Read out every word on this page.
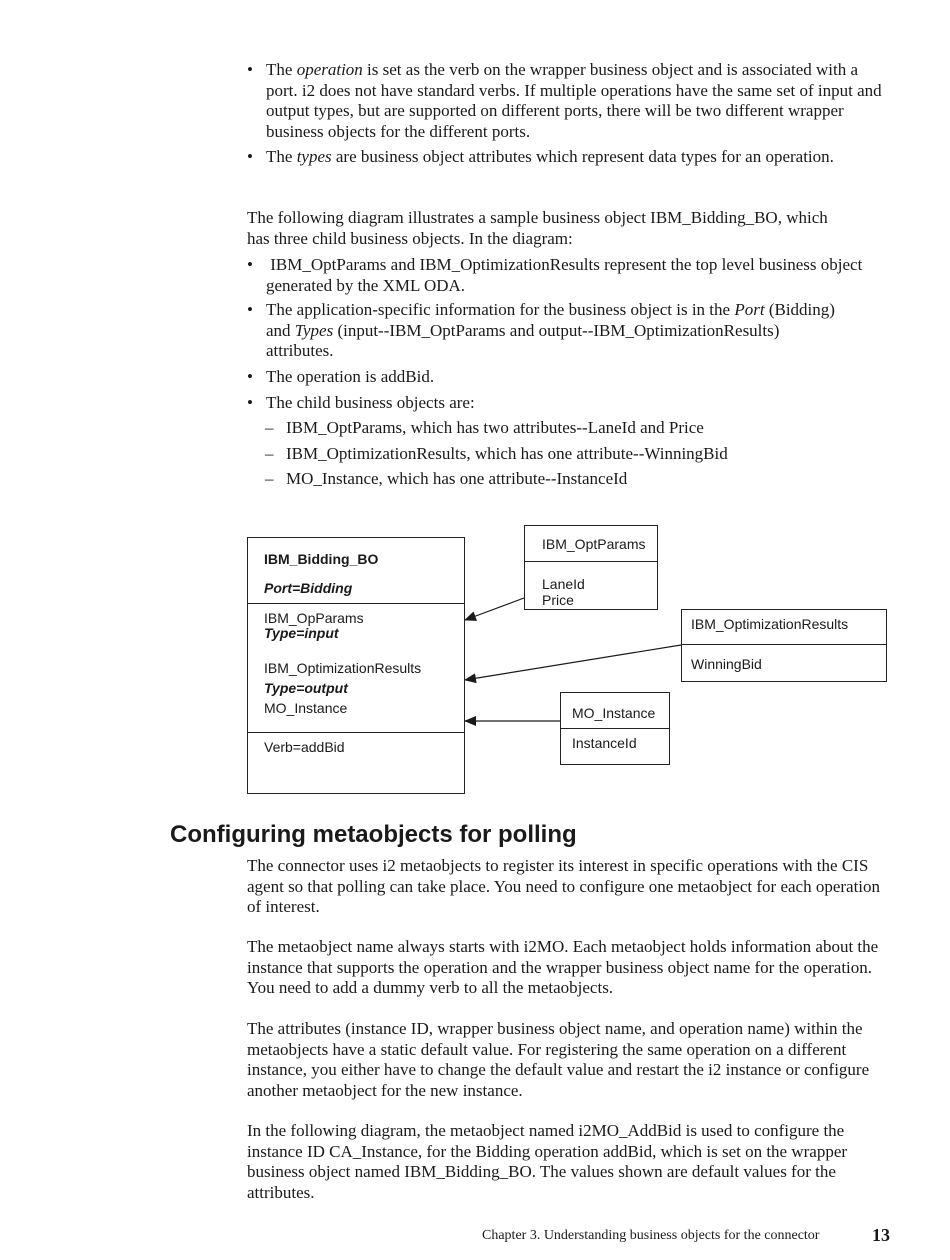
• The operation is set as the verb on the wrapper business object and is associated with a port. i2 does not have standard verbs. If multiple operations have the same set of input and output types, but are supported on different ports, there will be two different wrapper business objects for the different ports.
• The types are business object attributes which represent data types for an operation.
The following diagram illustrates a sample business object IBM_Bidding_BO, which has three child business objects. In the diagram:
• IBM_OptParams and IBM_OptimizationResults represent the top level business object generated by the XML ODA.
• The application-specific information for the business object is in the Port (Bidding) and Types (input--IBM_OptParams and output--IBM_OptimizationResults) attributes.
• The operation is addBid.
• The child business objects are:
– IBM_OptParams, which has two attributes--LaneId and Price
– IBM_OptimizationResults, which has one attribute--WinningBid
– MO_Instance, which has one attribute--InstanceId
IBM_Bidding_BO
Port=Bidding
IBM_OpParams
Type=input
IBM_OptimizationResults
Type=output
MO_Instance
Verb=addBid
IBM_OptParams
LaneId
Price
IBM_OptimizationResults
WinningBid
MO_Instance
InstanceId
Configuring metaobjects for polling
The connector uses i2 metaobjects to register its interest in specific operations with the CIS agent so that polling can take place. You need to configure one metaobject for each operation of interest.
The metaobject name always starts with i2MO. Each metaobject holds information about the instance that supports the operation and the wrapper business object name for the operation. You need to add a dummy verb to all the metaobjects.
The attributes (instance ID, wrapper business object name, and operation name) within the metaobjects have a static default value. For registering the same operation on a different instance, you either have to change the default value and restart the i2 instance or configure another metaobject for the new instance.
In the following diagram, the metaobject named i2MO_AddBid is used to configure the instance ID CA_Instance, for the Bidding operation addBid, which is set on the wrapper business object named IBM_Bidding_BO. The values shown are default values for the attributes.
Chapter 3. Understanding business objects for the connector	13
